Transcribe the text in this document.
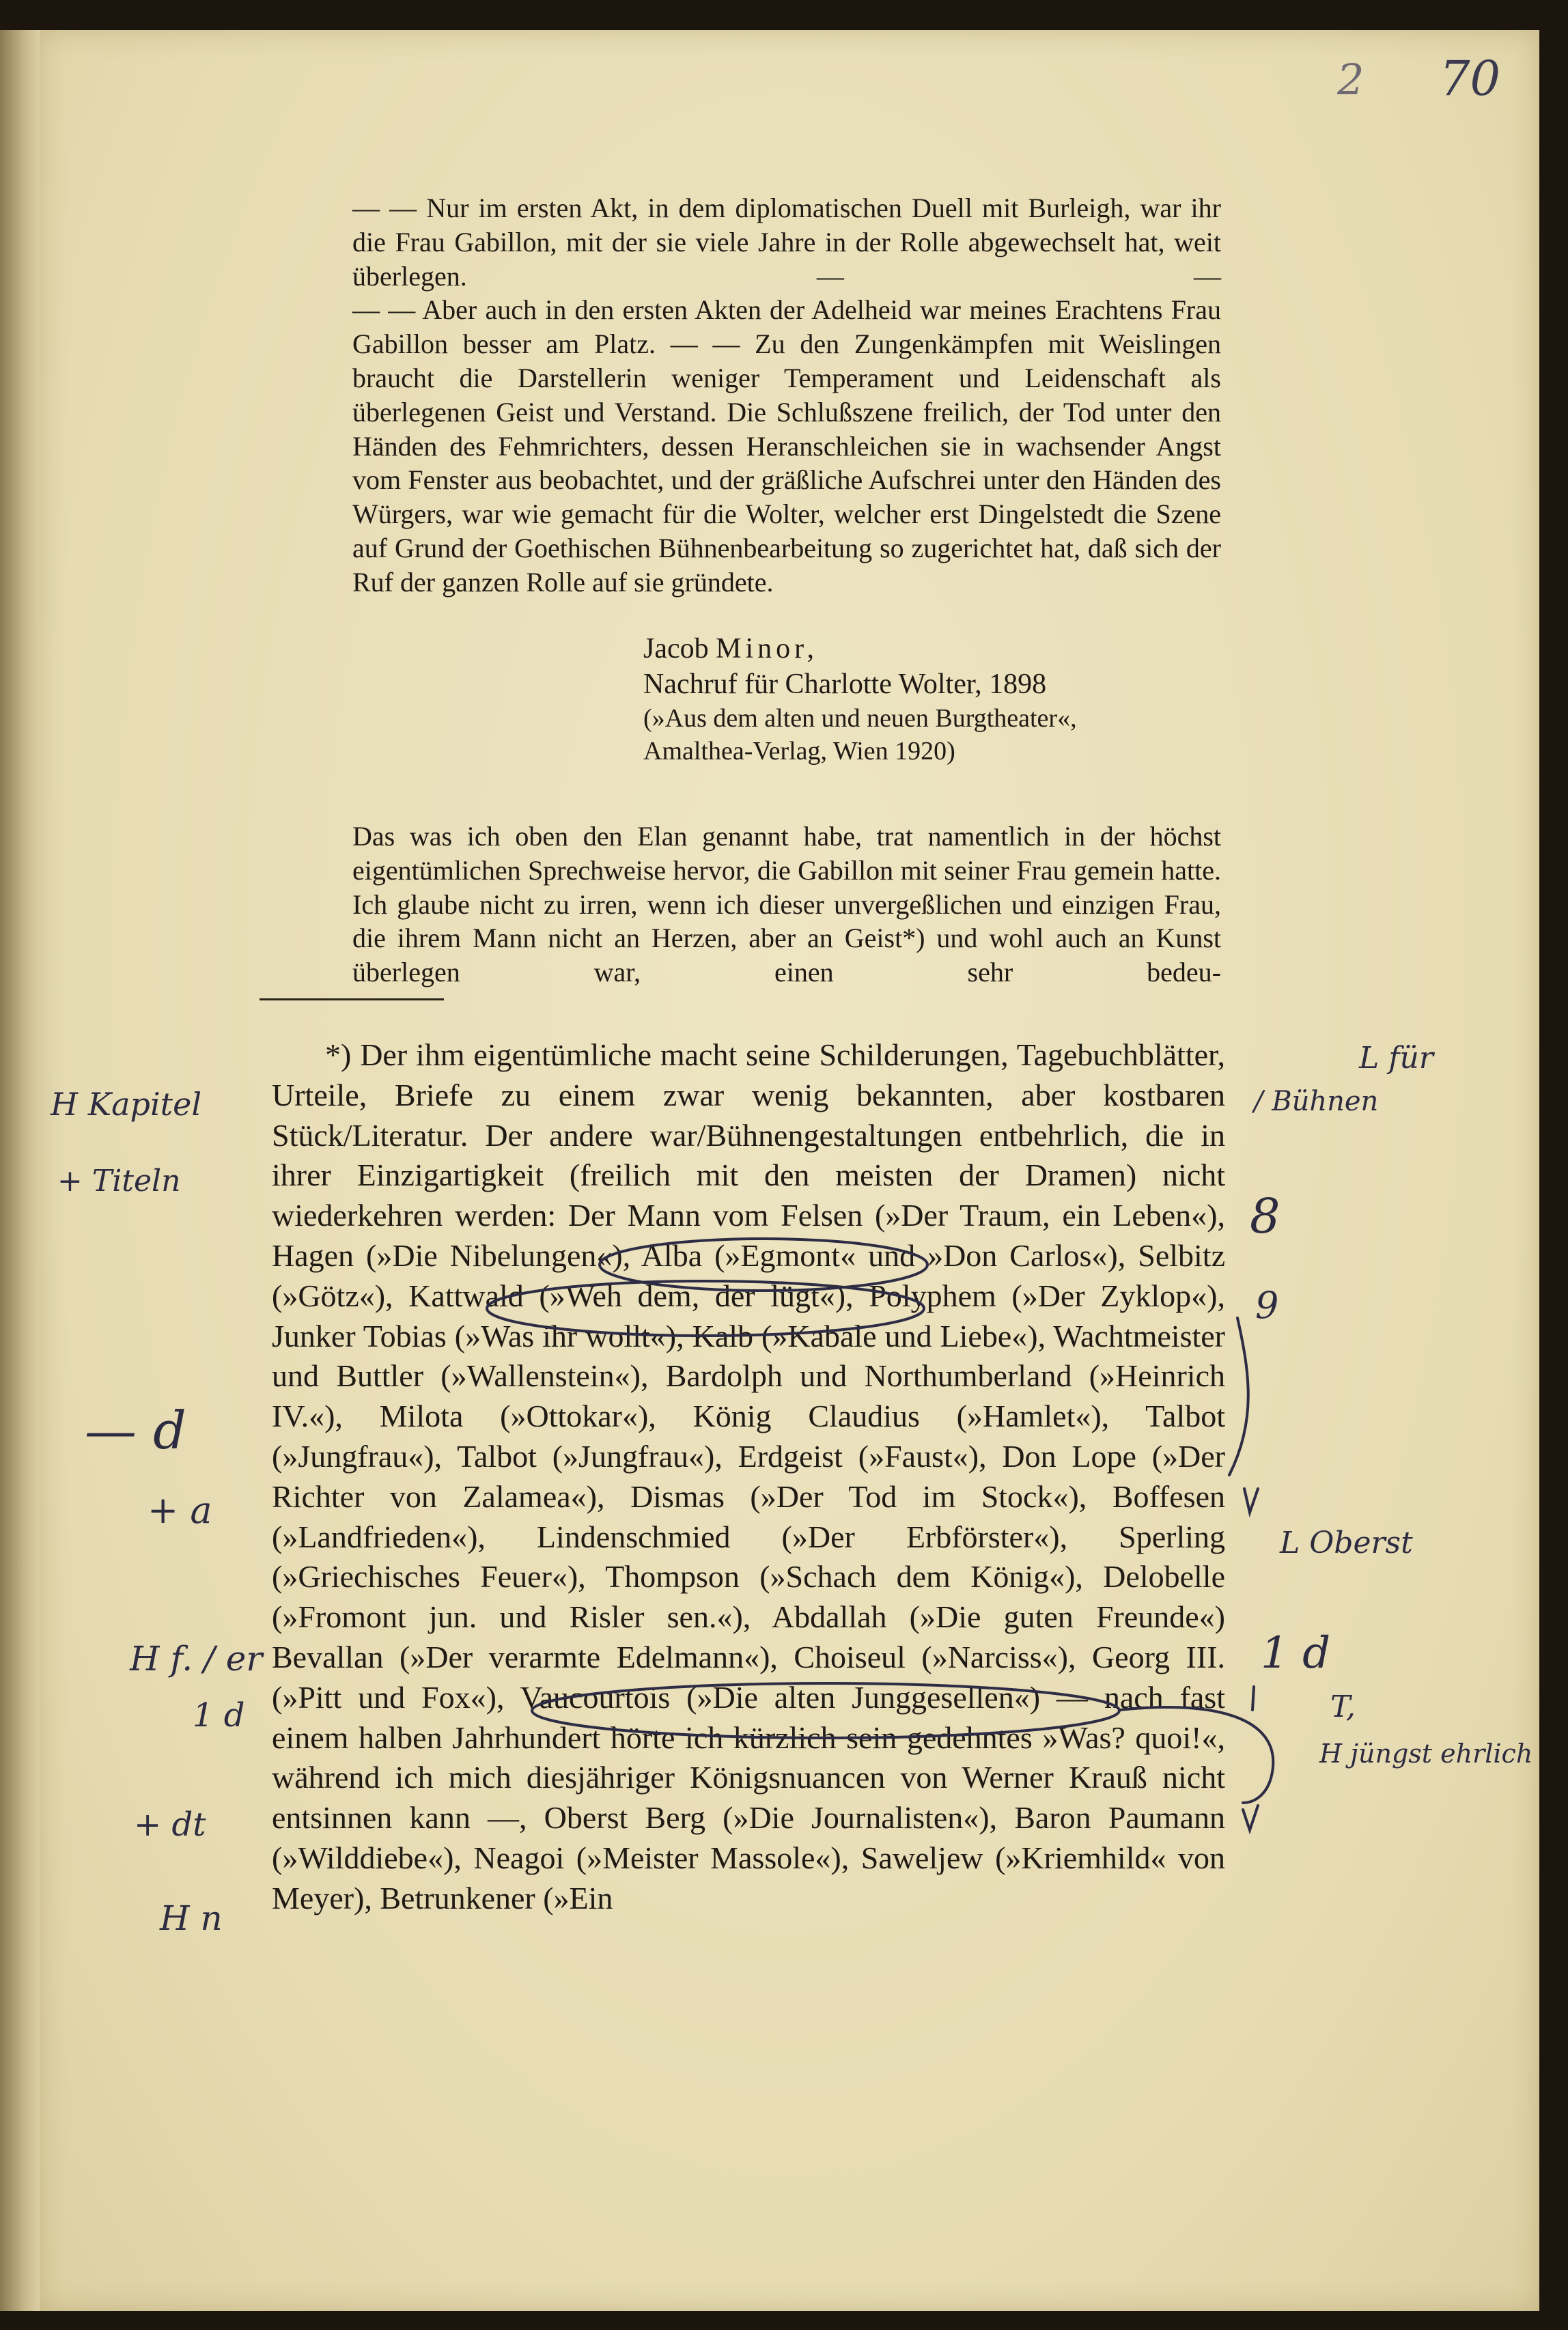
2 70

— — Nur im ersten Akt, in dem diplomatischen Duell mit Burleigh, war ihr die Frau Gabillon, mit der sie viele Jahre in der Rolle abgewechselt hat, weit überlegen. — —

— — Aber auch in den ersten Akten der Adelheid war meines Erachtens Frau Gabillon besser am Platz. — — Zu den Zungenkämpfen mit Weislingen braucht die Darstellerin weniger Temperament und Leidenschaft als überlegenen Geist und Verstand. Die Schlußszene freilich, der Tod unter den Händen des Fehmrichters, dessen Heranschleichen sie in wachsender Angst vom Fenster aus beobachtet, und der gräßliche Aufschrei unter den Händen des Würgers, war wie gemacht für die Wolter, welcher erst Dingelstedt die Szene auf Grund der Goethischen Bühnenbearbeitung so zugerichtet hat, daß sich der Ruf der ganzen Rolle auf sie gründete.

Jacob Minor,
Nachruf für Charlotte Wolter, 1898
(»Aus dem alten und neuen Burgtheater«,
Amalthea-Verlag, Wien 1920)

Das was ich oben den Elan genannt habe, trat namentlich in der höchst eigentümlichen Sprechweise hervor, die Gabillon mit seiner Frau gemein hatte. Ich glaube nicht zu irren, wenn ich dieser unvergeßlichen und einzigen Frau, die ihrem Mann nicht an Herzen, aber an Geist*) und wohl auch an Kunst überlegen war, einen sehr bedeu-

*) Der ihm eigentümliche macht seine Schilderungen, Tagebuchblätter, Urteile, Briefe zu einem zwar wenig bekannten, aber kostbaren Stück/Literatur. Der andere war/Bühnengestaltungen entbehrlich, die in ihrer Einzigartigkeit (freilich mit den meisten der Dramen) nicht wiederkehren werden: Der Mann vom Felsen (»Der Traum, ein Leben«), Hagen (»Die Nibelungen«), Alba (»Egmont« und »Don Carlos«), Selbitz (»Götz«), Kattwald (»Weh dem, der lügt«), Polyphem (»Der Zyklop«), Junker Tobias (»Was ihr wollt«), Kalb (»Kabale und Liebe«), Wachtmeister und Buttler (»Wallenstein«), Bardolph und Northumberland (»Heinrich IV.«), Milota (»Ottokar«), König Claudius (»Hamlet«), Talbot (»Jungfrau«), Talbot (»Jungfrau«), Erdgeist (»Faust«), Don Lope (»Der Richter von Zalamea«), Dismas (»Der Tod im Stock«), Boffesen (»Landfrieden«), Lindenschmied (»Der Erbförster«), Sperling (»Griechisches Feuer«), Thompson (»Schach dem König«), Delobelle (»Fromont jun. und Risler sen.«), Abdallah (»Die guten Freunde«) Bevallan (»Der verarmte Edelmann«), Choiseul (»Narciss«), Georg III. (»Pitt und Fox«), Vaucourtois (»Die alten Junggesellen«) — nach fast einem halben Jahrhundert hörte ich kürzlich sein gedehntes »Was? quoi!«, während ich mich diesjähriger Königsnuancen von Werner Krauß nicht entsinnen kann —, Oberst Berg (»Die Journalisten«), Baron Paumann (»Wilddiebe«), Neagoi (»Meister Massole«), Saweljew (»Kriemhild« von Meyer), Betrunkener (»Ein

H Kapitel
+ Titeln
— d
+ a
H f. / er
1 d
+ dt
H n
L für
/ Bühnen
8
9
L Oberst
1 d
T,
H jüngst ehrlich
